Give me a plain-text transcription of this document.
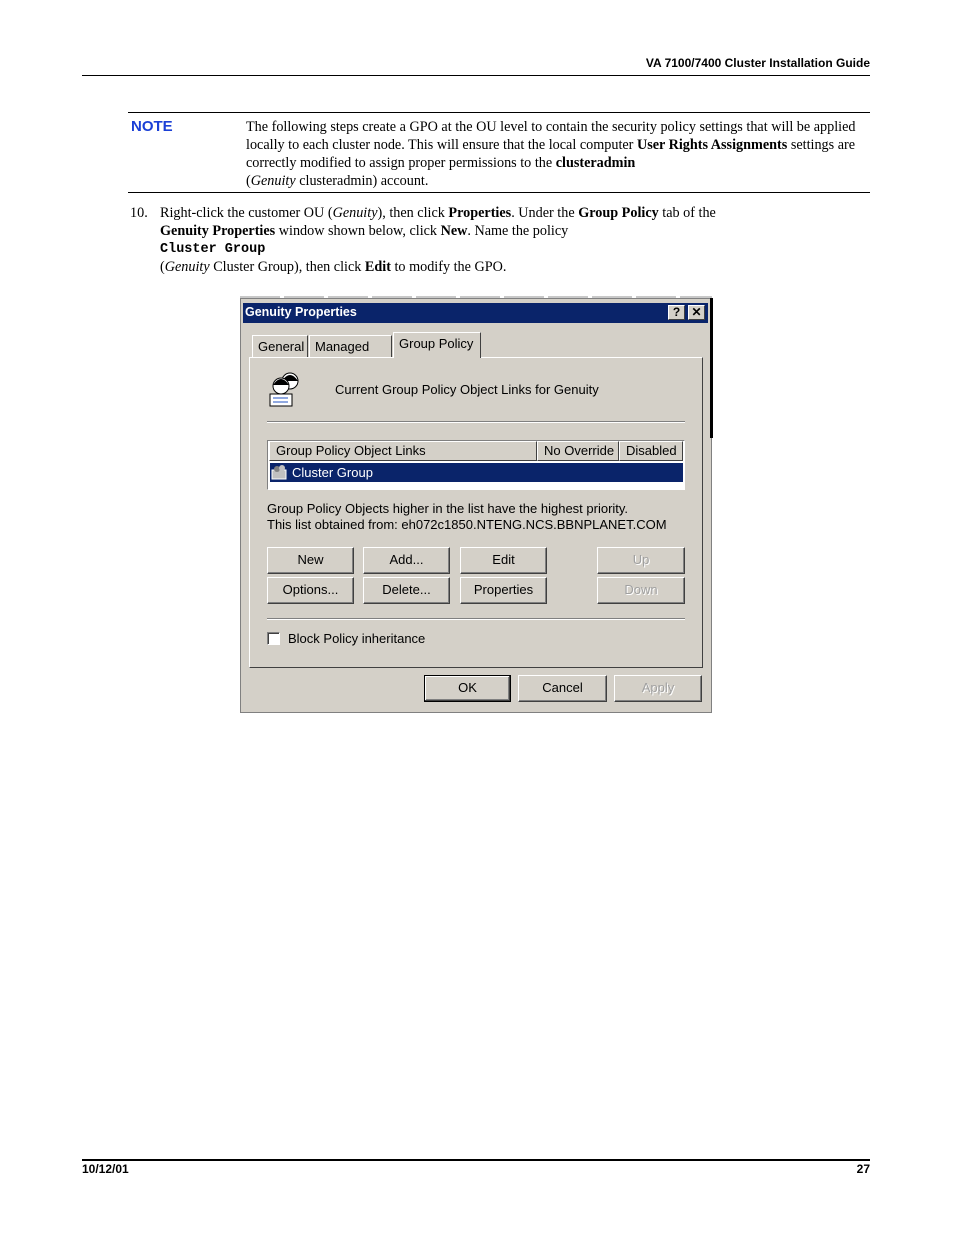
VA 7100/7400 Cluster Installation Guide
NOTE	The following steps create a GPO at the OU level to contain the security policy settings that will be applied locally to each cluster node. This will ensure that the local computer User Rights Assignments settings are correctly modified to assign proper permissions to the clusteradmin
(Genuity clusteradmin) account.
10. Right-click the customer OU (Genuity), then click Properties. Under the Group Policy tab of the
Genuity Properties window shown below, click New. Name the policy
Cluster Group
(Genuity Cluster Group), then click Edit to modify the GPO.
Genuity Properties	? ✕
General Managed	Group Policy
Current Group Policy Object Links for Genuity
Group Policy Object Links	No Override Disabled
Cluster Group
Group Policy Objects higher in the list have the highest priority.
This list obtained from: eh072c1850.NTENG.NCS.BBNPLANET.COM
New	Add...	Edit	Up
Options...	Delete...	Properties	Down
Block Policy inheritance
OK	Cancel	Apply
10/12/01	27
